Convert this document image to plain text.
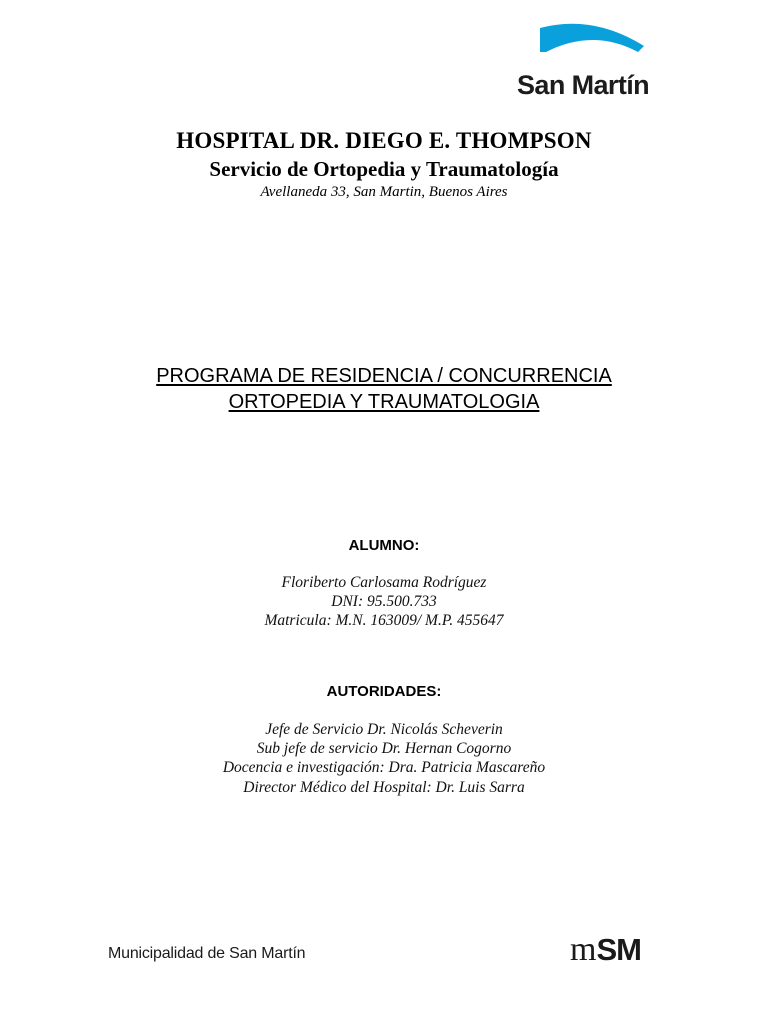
San Martín

HOSPITAL DR. DIEGO E. THOMPSON

Servicio de Ortopedia y Traumatología

Avellaneda 33, San Martin, Buenos Aires

PROGRAMA DE RESIDENCIA / CONCURRENCIA
ORTOPEDIA Y TRAUMATOLOGIA
ALUMNO:
Floriberto Carlosama Rodríguez
DNI: 95.500.733
Matricula: M.N. 163009/ M.P. 455647
AUTORIDADES:
Jefe de Servicio Dr. Nicolás Scheverin
Sub jefe de servicio Dr. Hernan Cogorno
Docencia e investigación: Dra. Patricia Mascareño
Director Médico del Hospital: Dr. Luis Sarra
Municipalidad de San Martín	mSM
